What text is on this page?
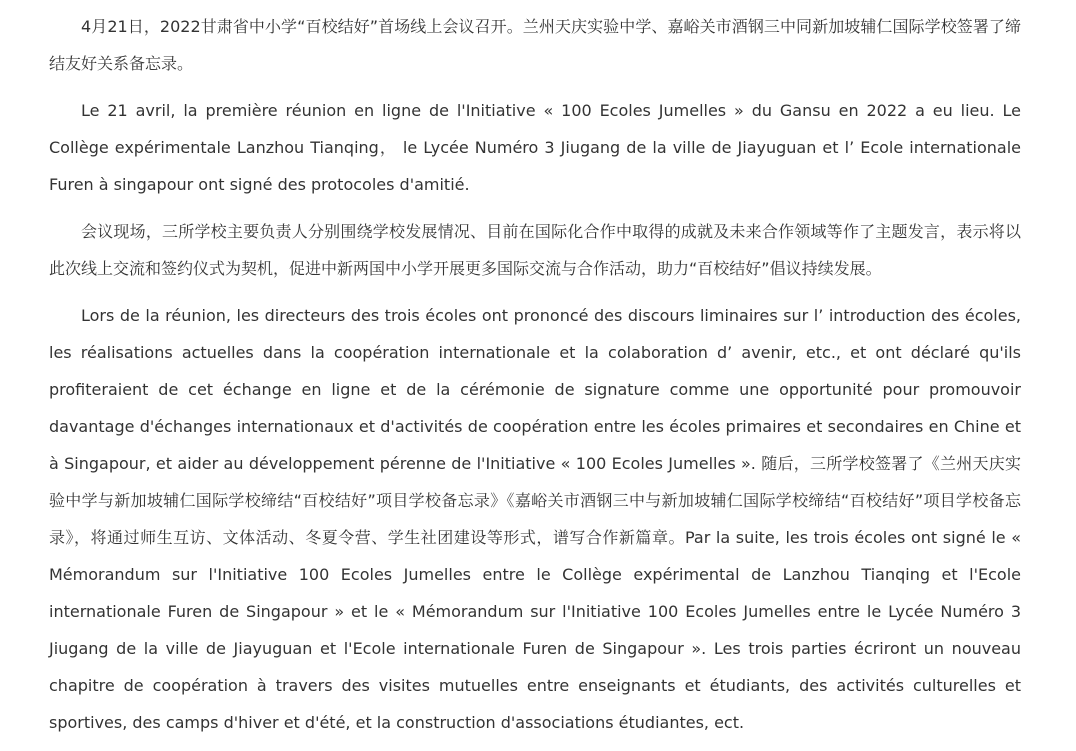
4月21日，2022甘肃省中小学“百校结好”首场线上会议召开。兰州天庆实验中学、嘉峪关市酒钢三中同新加坡辅仁国际学校签署了缔结友好关系备忘录。

Le 21 avril, la première réunion en ligne de l'Initiative « 100 Ecoles Jumelles » du Gansu en 2022 a eu lieu. Le Collège expérimentale Lanzhou Tianqing， le Lycée Numéro 3 Jiugang de la ville de Jiayuguan et l’ Ecole internationale Furen à singapour ont signé des protocoles d'amitié.

会议现场，三所学校主要负责人分别围绕学校发展情况、目前在国际化合作中取得的成就及未来合作领域等作了主题发言，表示将以此次线上交流和签约仪式为契机，促进中新两国中小学开展更多国际交流与合作活动，助力“百校结好”倡议持续发展。

Lors de la réunion, les directeurs des trois écoles ont prononcé des discours liminaires sur l’ introduction des écoles, les réalisations actuelles dans la coopération internationale et la colaboration d’ avenir, etc., et ont déclaré qu'ils profiteraient de cet échange en ligne et de la cérémonie de signature comme une opportunité pour promouvoir davantage d'échanges internationaux et d'activités de coopération entre les écoles primaires et secondaires en Chine et à Singapour, et aider au développement pérenne de l'Initiative « 100 Ecoles Jumelles ». 随后，三所学校签署了《兰州天庆实验中学与新加坡辅仁国际学校缔结“百校结好”项目学校备忘录》《嘉峪关市酒钢三中与新加坡辅仁国际学校缔结“百校结好”项目学校备忘录》，将通过师生互访、文体活动、冬夏令营、学生社团建设等形式，谱写合作新篇章。Par la suite, les trois écoles ont signé le « Mémorandum sur l'Initiative 100 Ecoles Jumelles entre le Collège expérimental de Lanzhou Tianqing et l'Ecole internationale Furen de Singapour » et le « Mémorandum sur l'Initiative 100 Ecoles Jumelles entre le Lycée Numéro 3 Jiugang de la ville de Jiayuguan et l'Ecole internationale Furen de Singapour ». Les trois parties écriront un nouveau chapitre de coopération à travers des visites mutuelles entre enseignants et étudiants, des activités culturelles et sportives, des camps d'hiver et d'été, et la construction d'associations étudiantes, ect.
